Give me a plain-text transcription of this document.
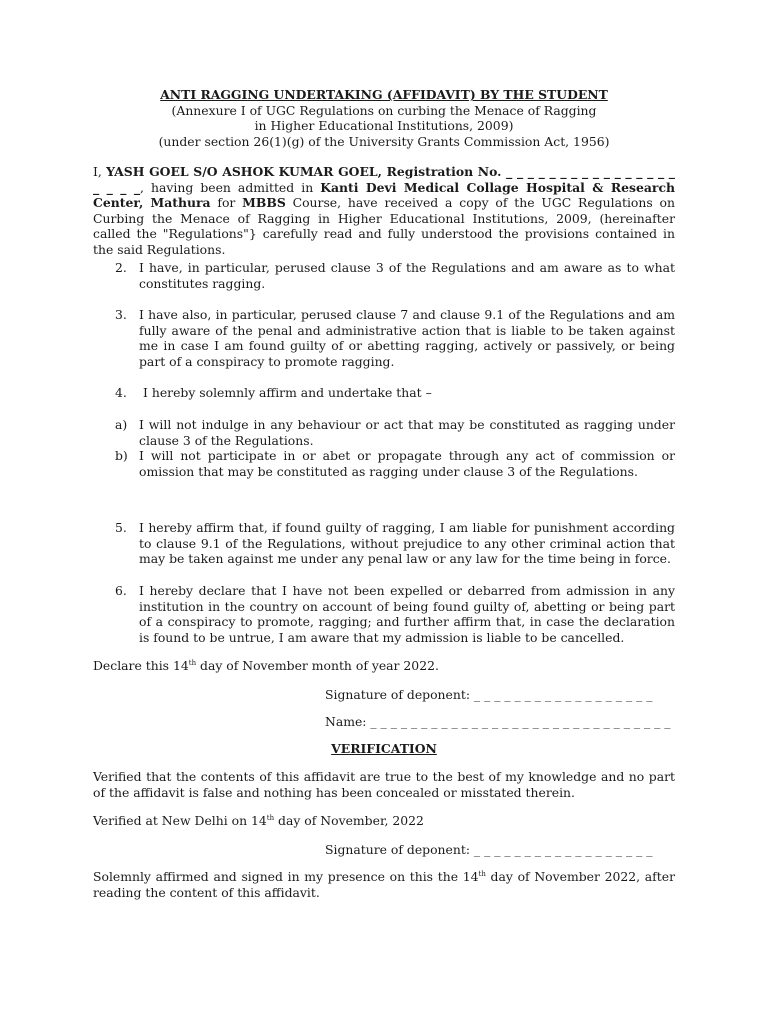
ANTI RAGGING UNDERTAKING (AFFIDAVIT) BY THE STUDENT
(Annexure I of UGC Regulations on curbing the Menace of Ragging
in Higher Educational Institutions, 2009)
(under section 26(1)(g) of the University Grants Commission Act, 1956)
I, YASH GOEL S/O ASHOK KUMAR GOEL, Registration No. _ _ _ _ _ _ _ _ _ _ _ _ _ _ _ _ _ _ _ _, having been admitted in Kanti Devi Medical Collage Hospital & Research Center, Mathura for MBBS Course, have received a copy of the UGC Regulations on Curbing the Menace of Ragging in Higher Educational Institutions, 2009, (hereinafter called the "Regulations"} carefully read and fully understood the provisions contained in the said Regulations.
2. I have, in particular, perused clause 3 of the Regulations and am aware as to what constitutes ragging.
3. I have also, in particular, perused clause 7 and clause 9.1 of the Regulations and am fully aware of the penal and administrative action that is liable to be taken against me in case I am found guilty of or abetting ragging, actively or passively, or being part of a conspiracy to promote ragging.
4. I hereby solemnly affirm and undertake that –
a) I will not indulge in any behaviour or act that may be constituted as ragging under clause 3 of the Regulations.
b) I will not participate in or abet or propagate through any act of commission or omission that may be constituted as ragging under clause 3 of the Regulations.
5. I hereby affirm that, if found guilty of ragging, I am liable for punishment according to clause 9.1 of the Regulations, without prejudice to any other criminal action that may be taken against me under any penal law or any law for the time being in force.
6. I hereby declare that I have not been expelled or debarred from admission in any institution in the country on account of being found guilty of, abetting or being part of a conspiracy to promote, ragging; and further affirm that, in case the declaration is found to be untrue, I am aware that my admission is liable to be cancelled.
Declare this 14th day of November month of year 2022.
Signature of deponent: _ _ _ _ _ _ _ _ _ _ _ _ _ _ _ _ _ _
Name: _ _ _ _ _ _ _ _ _ _ _ _ _ _ _ _ _ _ _ _ _ _ _ _ _ _ _ _ _ _
VERIFICATION
Verified that the contents of this affidavit are true to the best of my knowledge and no part of the affidavit is false and nothing has been concealed or misstated therein.
Verified at New Delhi on 14th day of November, 2022
Signature of deponent: _ _ _ _ _ _ _ _ _ _ _ _ _ _ _ _ _ _
Solemnly affirmed and signed in my presence on this the 14th day of November 2022, after reading the content of this affidavit.
